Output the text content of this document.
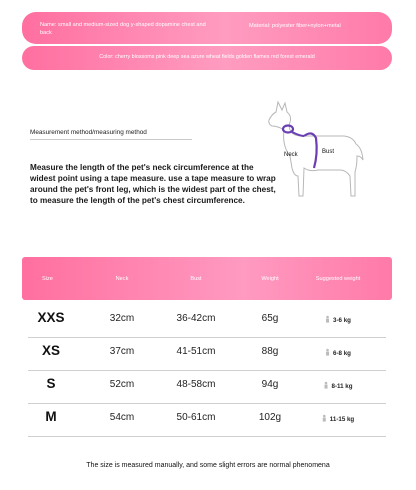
Name: small and medium-sized dog y-shaped dopamine chest and back
Material: polyester fiber+nylon+metal
Color: cherry blossoms pink deep sea azure wheat fields golden flames red forest emerald
Measurement method/measuring method
Measure the length of the pet's neck circumference at the widest point using a tape measure. use a tape measure to wrap around the pet's front leg, which is the widest part of the chest, to measure the length of the pet's chest circumference.
Neck	Bust
Size	Neck	Bust	Weight	Suggested weight
XXS	32cm	36-42cm	65g	3-6 kg
XS	37cm	41-51cm	88g	6-8 kg
S	52cm	48-58cm	94g	8-11 kg
M	54cm	50-61cm	102g	11-15 kg
The size is measured manually, and some slight errors are normal phenomena
